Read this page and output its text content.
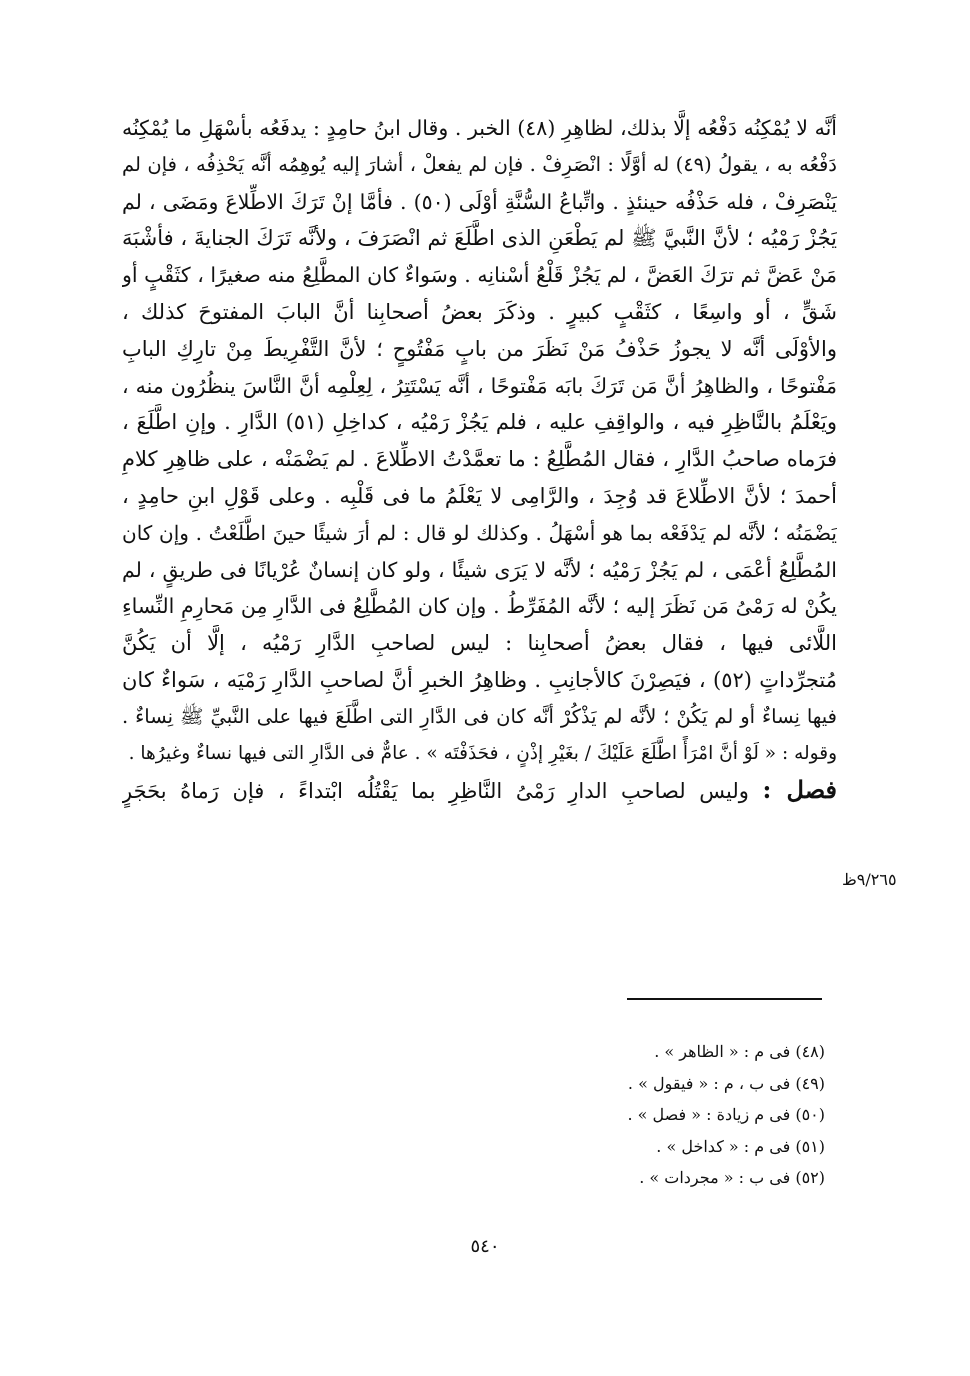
أنَّه لا يُمْكِنُه دَفْعُه إلَّا بذلك، لظاهِرِ (٤٨) الخبر . وقال ابنُ حامِدٍ : يدفَعُه بأسْهَلِ ما يُمْكِنُه
دَفْعُه به ، يقولُ (٤٩) له أوَّلًا : انْصَرِفْ . فإن لم يفعلْ ، أشارَ إليه يُوهِمُه أنَّه يَحْذِفُه ، فإن لم
يَنْصَرِفْ ، فله حَذْفُه حينئذٍ . واتِّباعُ السُّنَّةِ أوْلَى (٥٠) . فأمَّا إنْ تَرَكَ الاطِّلاعَ ومَضَى ، لم
يَجُزْ رَمْيُه ؛ لأنَّ النَّبيَّ ﷺ لم يَطْعَنِ الذى اطَّلَعَ ثم انْصَرَفَ ، ولأنَّه تَرَكَ الجنايةَ ، فأشْبَهَ
مَنْ عَضَّ ثم ترَكَ العَضَّ ، لم يَجُزْ قَلْعُ أسْنانِه . وسَواءٌ كان المطَّلِعُ منه صغيرًا ، كثَقْبٍ أو
شَقٍّ ، أو واسِعًا ، كثَقْبٍ كبيرٍ . وذكَرَ بعضُ أصحابِنا أنَّ البابَ المفتوحَ كذلك ،
والأوْلَى أنَّه لا يجوزُ حَذْفُ مَنْ نَظَرَ من بابٍ مَفْتُوحٍ ؛ لأنَّ التَّفْرِيطَ مِنْ تارِكِ البابِ
مَفْتوحًا ، والظاهِرُ أنَّ مَن تَرَكَ بابَه مَفْتوحًا ، أنَّه يَسْتَتِرُ ، لِعِلْمِه أنَّ النَّاسَ ينظُرُون منه ،
ويَعْلَمُ بالنَّاظِرِ فيه ، والواقِفِ عليه ، فلم يَجُزْ رَمْيُه ، كداخِلِ (٥١) الدَّارِ . وإنِ اطَّلَعَ ،
فرَماه صاحبُ الدَّارِ ، فقال المُطَّلِعُ : ما تعمَّدْتُ الاطِّلاعَ . لم يَضْمَنْه ، على ظاهِرِ كلامِ
أحمدَ ؛ لأنَّ الاطِّلاعَ قد وُجِدَ ، والرَّامِى لا يَعْلَمُ ما فى قَلْبِه . وعلى قَوْلِ ابنِ حامِدٍ ،
يَضْمَنُه ؛ لأنَّه لم يَدْفَعْه بما هو أسْهَلُ . وكذلك لو قال : لم أرَ شيئًا حينَ اطَّلَعْتُ . وإن كان
المُطَّلِعُ أعْمَى ، لم يَجُزْ رَمْيُه ؛ لأنَّه لا يَرَى شيئًا ، ولو كان إنسانٌ عُرْيانًا فى طريقٍ ، لم
يكُنْ له رَمْىُ مَن نَظَرَ إليه ؛ لأنَّه المُفَرِّطُ . وإن كان المُطَّلِعُ فى الدَّارِ مِن مَحارِمِ النِّساءِ
اللَّائى فيها ، فقال بعضُ أصحابِنا : ليس لصاحبِ الدَّارِ رَمْيُه ، إلَّا أن يَكُنَّ
مُتجرِّداتٍ (٥٢) ، فيَصِرْنَ كالأجانِبِ . وظاهِرُ الخبرِ أنَّ لصاحبِ الدَّارِ رَمْيَه ، سَواءٌ كان
فيها نِساءٌ أو لم يَكُنْ ؛ لأنَّه لم يَذْكُرْ أنَّه كان فى الدَّارِ التى اطَّلَعَ فيها على النَّبيِّ ﷺ نِساءٌ .
وقوله : « لَوْ أنَّ امْرَأً اطَّلَعَ عَلَيْكَ / بغَيْرِ إذْنٍ ، فحَذَفْتَه » . عامٌّ فى الدَّارِ التى فيها نساءٌ وغيرُها .
فصل : وليس لصاحبِ الدارِ رَمْىُ النَّاظِرِ بما يَقْتُلُه ابْتداءً ، فإن رَماهُ بحَجَرٍ
٩/٢٦٥ظ
(٤٨) فى م : « الظاهر » .
(٤٩) فى ب ، م : « فيقول » .
(٥٠) فى م زيادة : « فصل » .
(٥١) فى م : « كداخل » .
(٥٢) فى ب : « مجردات » .
٥٤٠
